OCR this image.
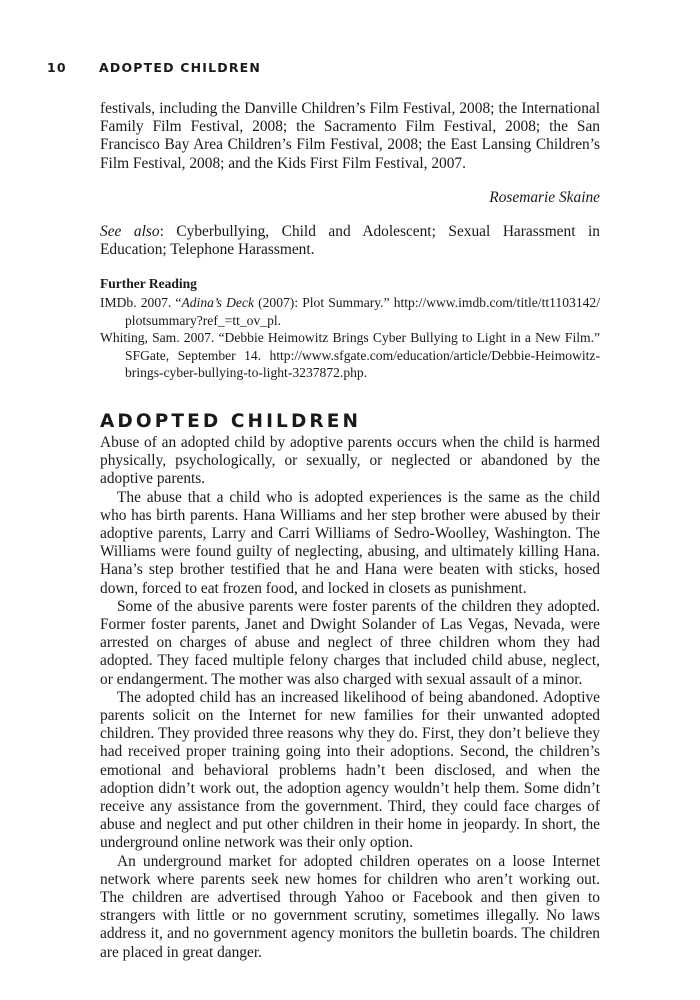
10	ADOPTED CHILDREN

festivals, including the Danville Children’s Film Festival, 2008; the International Family Film Festival, 2008; the Sacramento Film Festival, 2008; the San Francisco Bay Area Children’s Film Festival, 2008; the East Lansing Children’s Film Festival, 2008; and the Kids First Film Festival, 2007.

Rosemarie Skaine

See also: Cyberbullying, Child and Adolescent; Sexual Harassment in Education; Telephone Harassment.

Further Reading

IMDb. 2007. “Adina’s Deck (2007): Plot Summary.” http://www.imdb.com/title/tt1103142/ plotsummary?ref_=tt_ov_pl.

Whiting, Sam. 2007. “Debbie Heimowitz Brings Cyber Bullying to Light in a New Film.” SFGate, September 14. http://www.sfgate.com/education/article/Debbie-Heimowitz-brings-cyber-bullying-to-light-3237872.php.

ADOPTED CHILDREN

Abuse of an adopted child by adoptive parents occurs when the child is harmed physically, psychologically, or sexually, or neglected or abandoned by the adoptive parents.

The abuse that a child who is adopted experiences is the same as the child who has birth parents. Hana Williams and her step brother were abused by their adoptive parents, Larry and Carri Williams of Sedro-Woolley, Washington. The Williams were found guilty of neglecting, abusing, and ultimately killing Hana. Hana’s step brother testified that he and Hana were beaten with sticks, hosed down, forced to eat frozen food, and locked in closets as punishment.

Some of the abusive parents were foster parents of the children they adopted. Former foster parents, Janet and Dwight Solander of Las Vegas, Nevada, were arrested on charges of abuse and neglect of three children whom they had adopted. They faced multiple felony charges that included child abuse, neglect, or endangerment. The mother was also charged with sexual assault of a minor.

The adopted child has an increased likelihood of being abandoned. Adoptive parents solicit on the Internet for new families for their unwanted adopted children. They provided three reasons why they do. First, they don’t believe they had received proper training going into their adoptions. Second, the children’s emotional and behavioral problems hadn’t been disclosed, and when the adoption didn’t work out, the adoption agency wouldn’t help them. Some didn’t receive any assistance from the government. Third, they could face charges of abuse and neglect and put other children in their home in jeopardy. In short, the underground online network was their only option.

An underground market for adopted children operates on a loose Internet network where parents seek new homes for children who aren’t working out. The children are advertised through Yahoo or Facebook and then given to strangers with little or no government scrutiny, sometimes illegally. No laws address it, and no government agency monitors the bulletin boards. The children are placed in great danger.
